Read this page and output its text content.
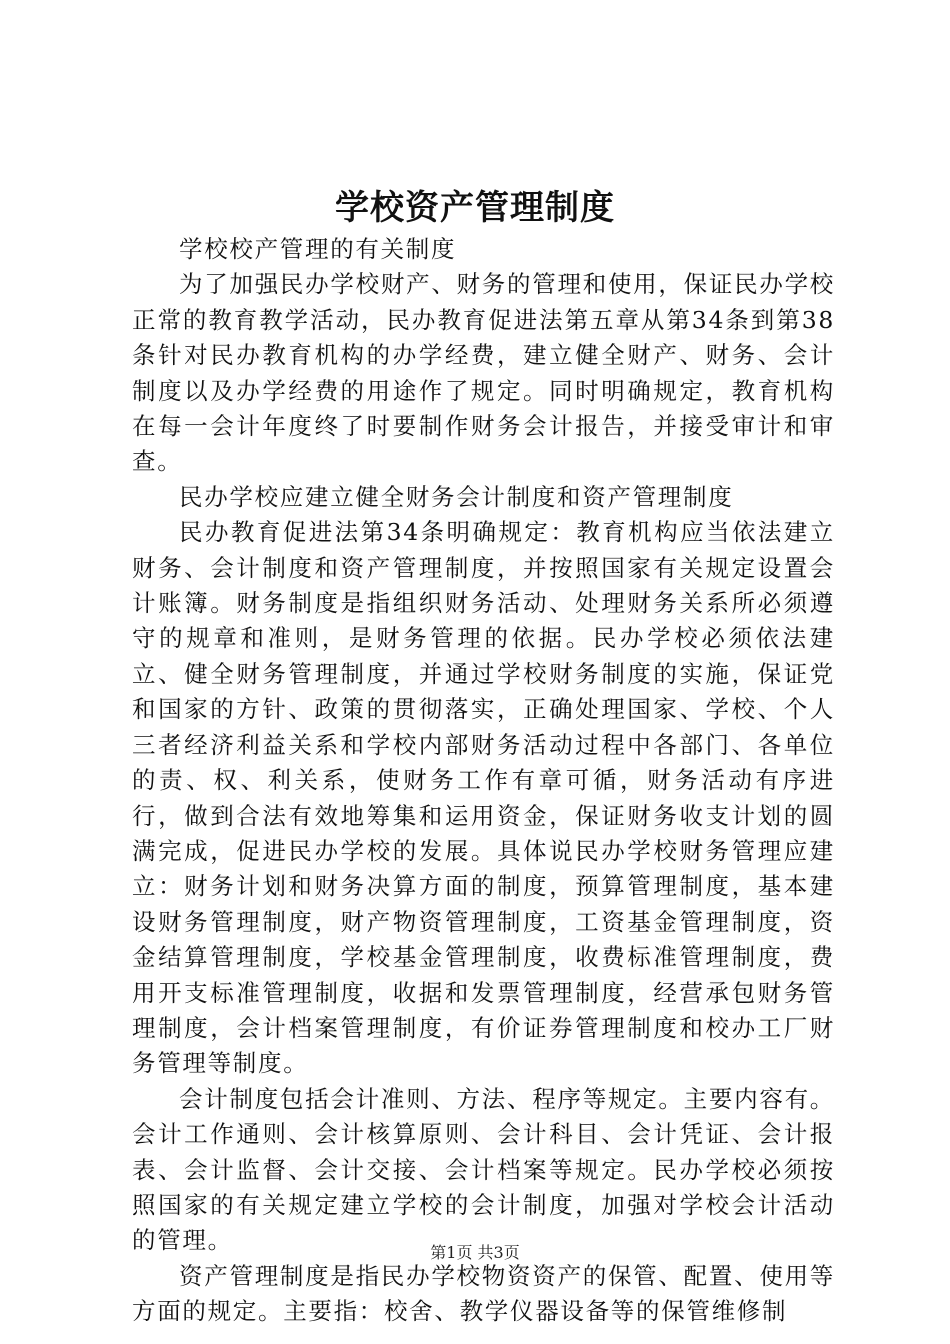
学校资产管理制度

学校校产管理的有关制度

为了加强民办学校财产、财务的管理和使用，保证民办学校正常的教育教学活动，民办教育促进法第五章从第34条到第38条针对民办教育机构的办学经费，建立健全财产、财务、会计制度以及办学经费的用途作了规定。同时明确规定，教育机构在每一会计年度终了时要制作财务会计报告，并接受审计和审查。

民办学校应建立健全财务会计制度和资产管理制度

民办教育促进法第34条明确规定：教育机构应当依法建立财务、会计制度和资产管理制度，并按照国家有关规定设置会计账簿。财务制度是指组织财务活动、处理财务关系所必须遵守的规章和准则，是财务管理的依据。民办学校必须依法建立、健全财务管理制度，并通过学校财务制度的实施，保证党和国家的方针、政策的贯彻落实，正确处理国家、学校、个人三者经济利益关系和学校内部财务活动过程中各部门、各单位的责、权、利关系，使财务工作有章可循，财务活动有序进行，做到合法有效地筹集和运用资金，保证财务收支计划的圆满完成，促进民办学校的发展。具体说民办学校财务管理应建立：财务计划和财务决算方面的制度，预算管理制度，基本建设财务管理制度，财产物资管理制度，工资基金管理制度，资金结算管理制度，学校基金管理制度，收费标准管理制度，费用开支标准管理制度，收据和发票管理制度，经营承包财务管理制度，会计档案管理制度，有价证券管理制度和校办工厂财务管理等制度。

会计制度包括会计准则、方法、程序等规定。主要内容有。会计工作通则、会计核算原则、会计科目、会计凭证、会计报表、会计监督、会计交接、会计档案等规定。民办学校必须按照国家的有关规定建立学校的会计制度，加强对学校会计活动的管理。

资产管理制度是指民办学校物资资产的保管、配置、使用等方面的规定。主要指：校舍、教学仪器设备等的保管维修制

第1页 共3页
